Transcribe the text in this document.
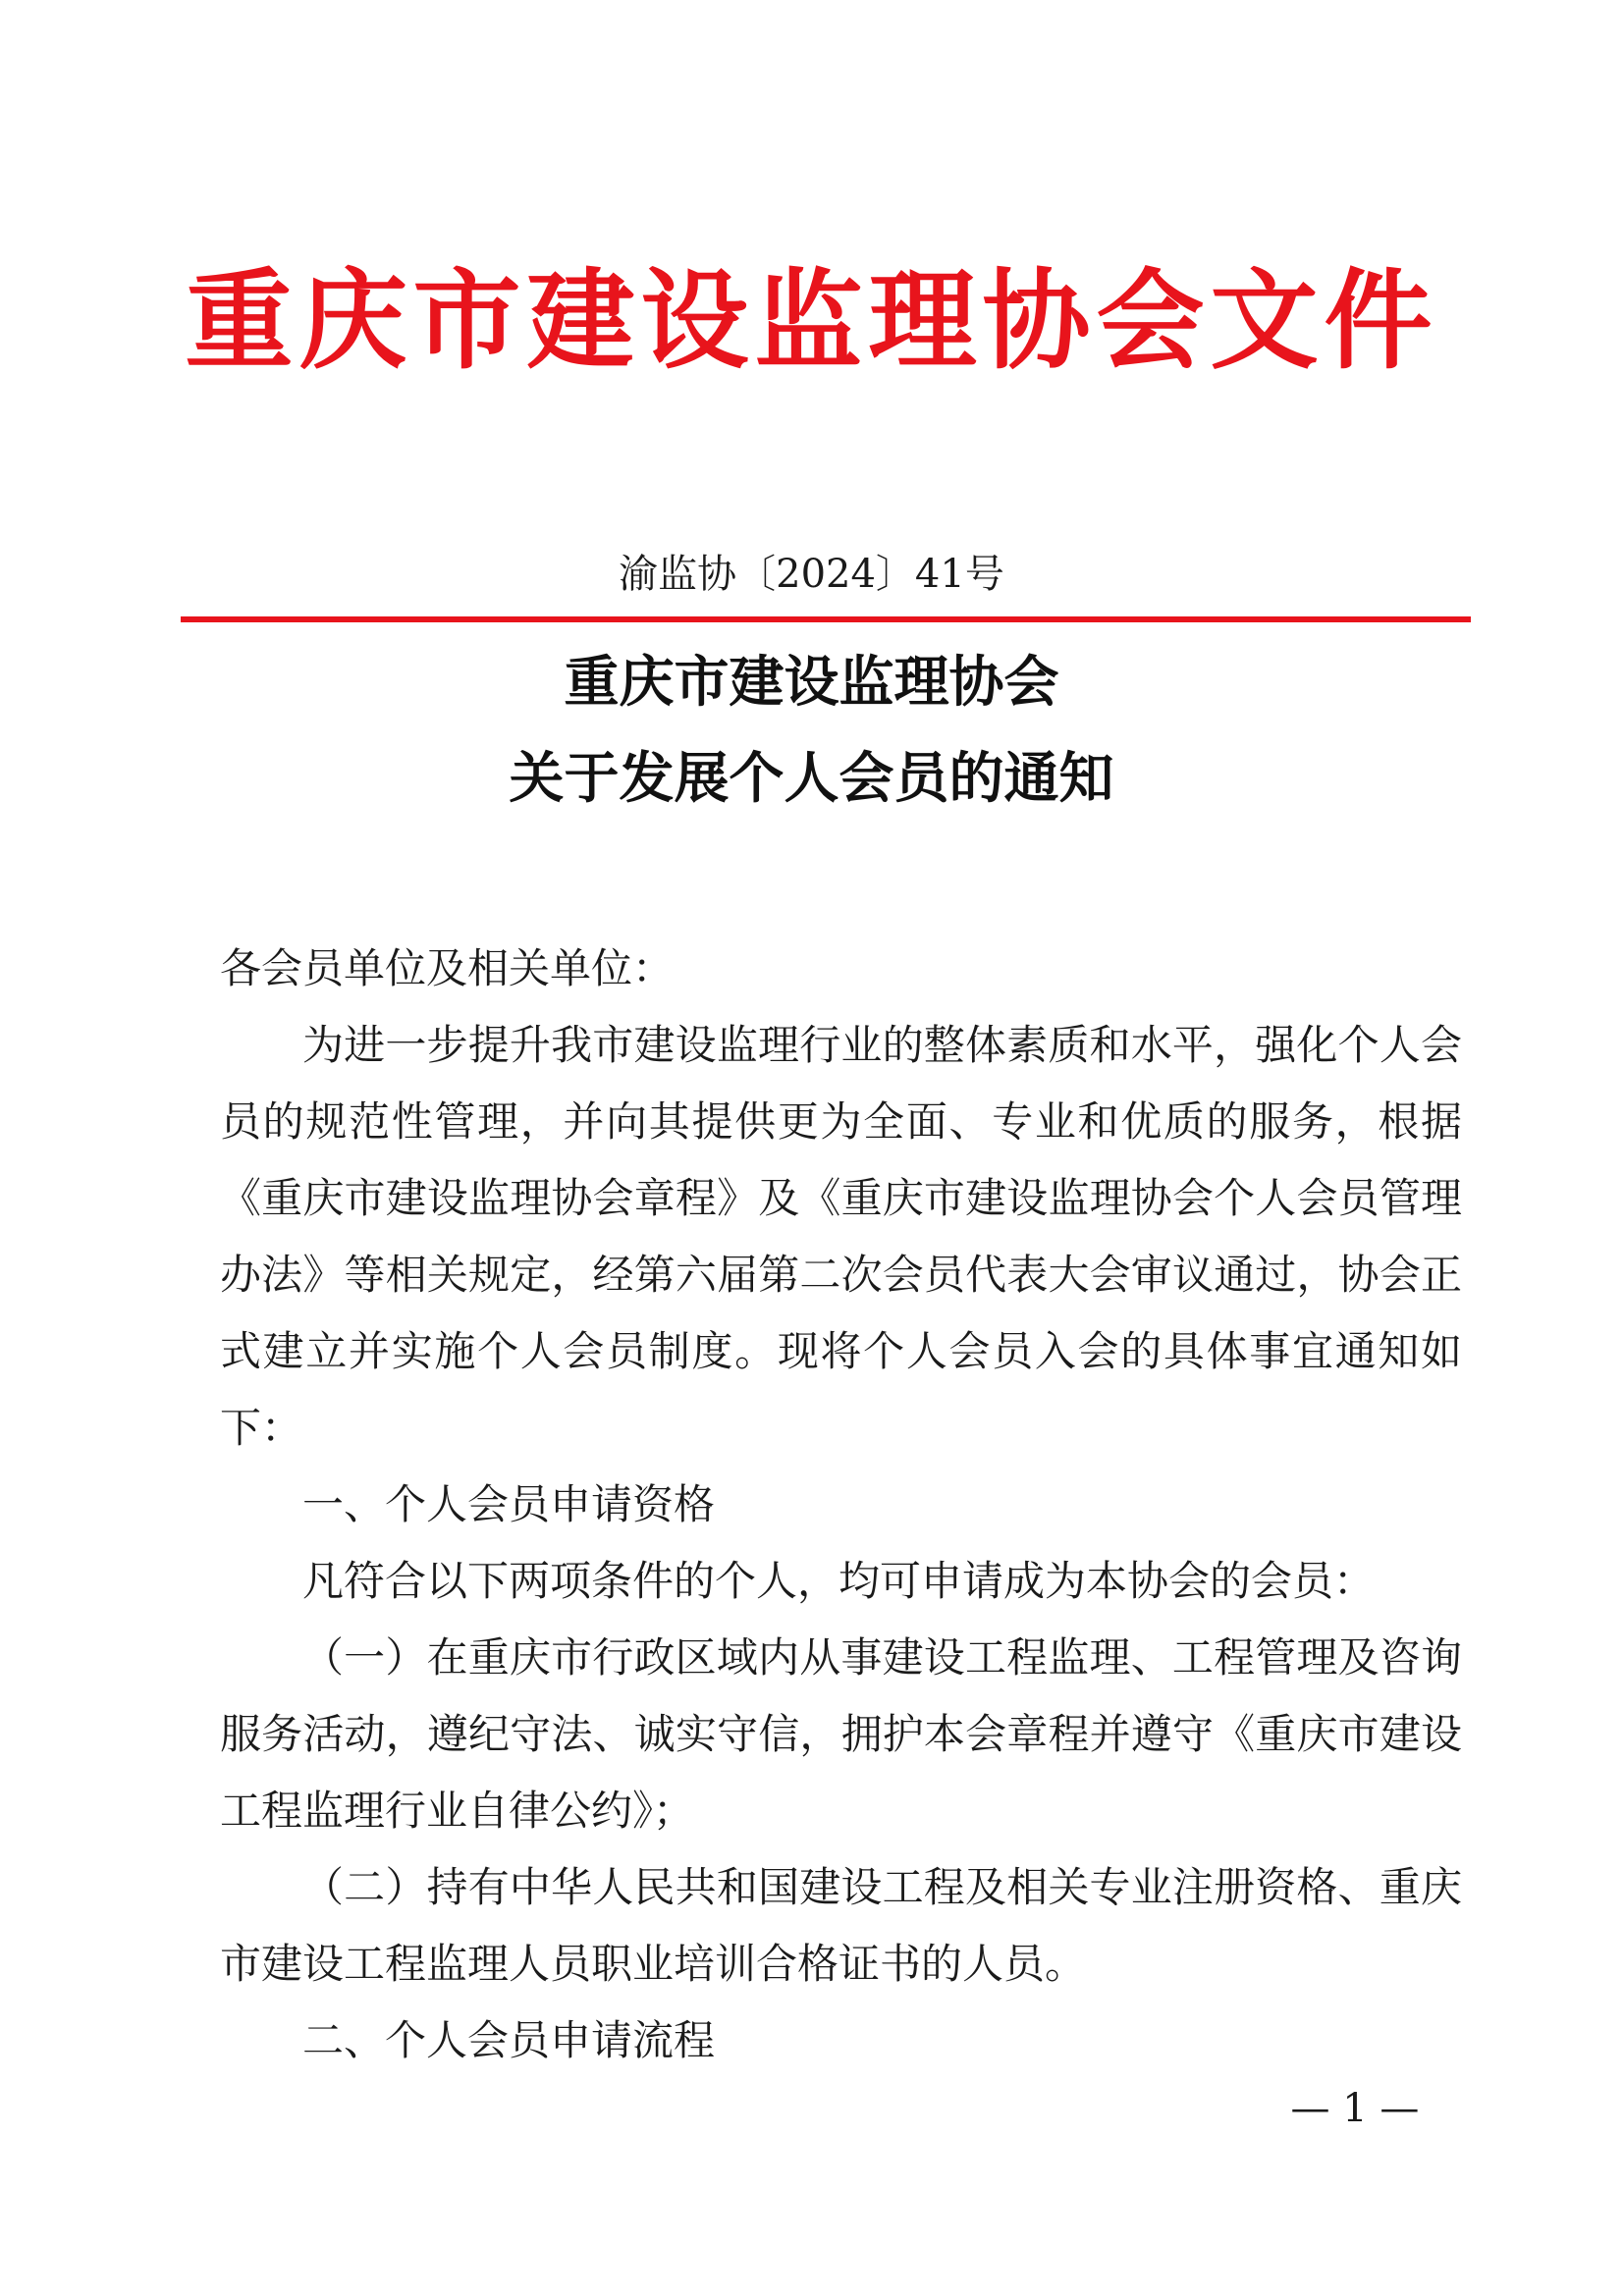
重庆市建设监理协会文件
渝监协〔2024〕41号
重庆市建设监理协会
关于发展个人会员的通知

各会员单位及相关单位：

为进一步提升我市建设监理行业的整体素质和水平，强化个人会员的规范性管理，并向其提供更为全面、专业和优质的服务，根据《重庆市建设监理协会章程》及《重庆市建设监理协会个人会员管理办法》等相关规定，经第六届第二次会员代表大会审议通过，协会正式建立并实施个人会员制度。现将个人会员入会的具体事宜通知如下：

一、个人会员申请资格

凡符合以下两项条件的个人，均可申请成为本协会的会员：

（一）在重庆市行政区域内从事建设工程监理、工程管理及咨询服务活动，遵纪守法、诚实守信，拥护本会章程并遵守《重庆市建设工程监理行业自律公约》；

（二）持有中华人民共和国建设工程及相关专业注册资格、重庆市建设工程监理人员职业培训合格证书的人员。

二、个人会员申请流程

— 1 —
